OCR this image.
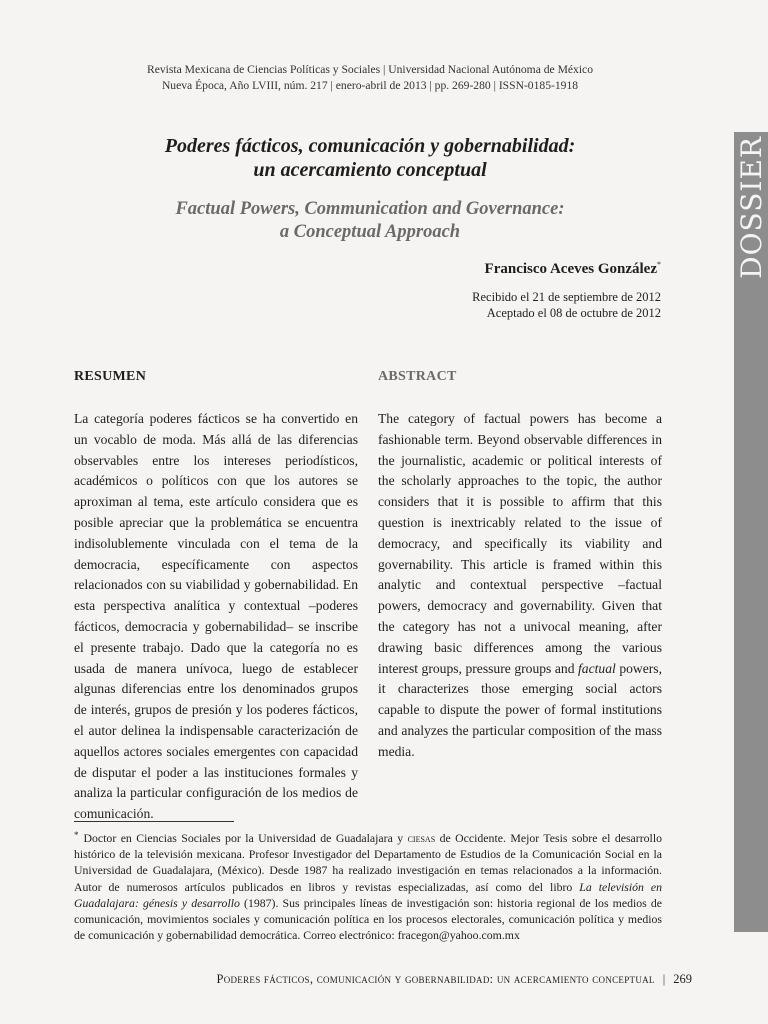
Revista Mexicana de Ciencias Políticas y Sociales | Universidad Nacional Autónoma de México
Nueva Época, Año LVIII, núm. 217 | enero-abril de 2013 | pp. 269-280 | ISSN-0185-1918
Poderes fácticos, comunicación y gobernabilidad:
un acercamiento conceptual
Factual Powers, Communication and Governance:
a Conceptual Approach
Francisco Aceves González*
Recibido el 21 de septiembre de 2012
Aceptado el 08 de octubre de 2012
RESUMEN	ABSTRACT
La categoría poderes fácticos se ha convertido en un vocablo de moda. Más allá de las diferencias observables entre los intereses periodísticos, académicos o políticos con que los autores se aproximan al tema, este artículo considera que es posible apreciar que la problemática se encuentra indisolublemente vinculada con el tema de la democracia, específicamente con aspectos relacionados con su viabilidad y gobernabilidad. En esta perspectiva analítica y contextual –poderes fácticos, democracia y gobernabilidad– se inscribe el presente trabajo. Dado que la categoría no es usada de manera unívoca, luego de establecer algunas diferencias entre los denominados grupos de interés, grupos de presión y los poderes fácticos, el autor delinea la indispensable caracterización de aquellos actores sociales emergentes con capacidad de disputar el poder a las instituciones formales y analiza la particular configuración de los medios de comunicación.
The category of factual powers has become a fashionable term. Beyond observable differences in the journalistic, academic or political interests of the scholarly approaches to the topic, the author considers that it is possible to affirm that this question is inextricably related to the issue of democracy, and specifically its viability and governability. This article is framed within this analytic and contextual perspective –factual powers, democracy and governability. Given that the category has not a univocal meaning, after drawing basic differences among the various interest groups, pressure groups and factual powers, it characterizes those emerging social actors capable to dispute the power of formal institutions and analyzes the particular composition of the mass media.
* Doctor en Ciencias Sociales por la Universidad de Guadalajara y ciesas de Occidente. Mejor Tesis sobre el desarrollo histórico de la televisión mexicana. Profesor Investigador del Departamento de Estudios de la Comunicación Social en la Universidad de Guadalajara, (México). Desde 1987 ha realizado investigación en temas relacionados a la información. Autor de numerosos artículos publicados en libros y revistas especializadas, así como del libro La televisión en Guadalajara: génesis y desarrollo (1987). Sus principales líneas de investigación son: historia regional de los medios de comunicación, movimientos sociales y comunicación política en los procesos electorales, comunicación política y medios de comunicación y gobernabilidad democrática. Correo electrónico: fracegon@yahoo.com.mx
Poderes fácticos, comunicación y gobernabilidad: un acercamiento conceptual | 269
DOSSIER
